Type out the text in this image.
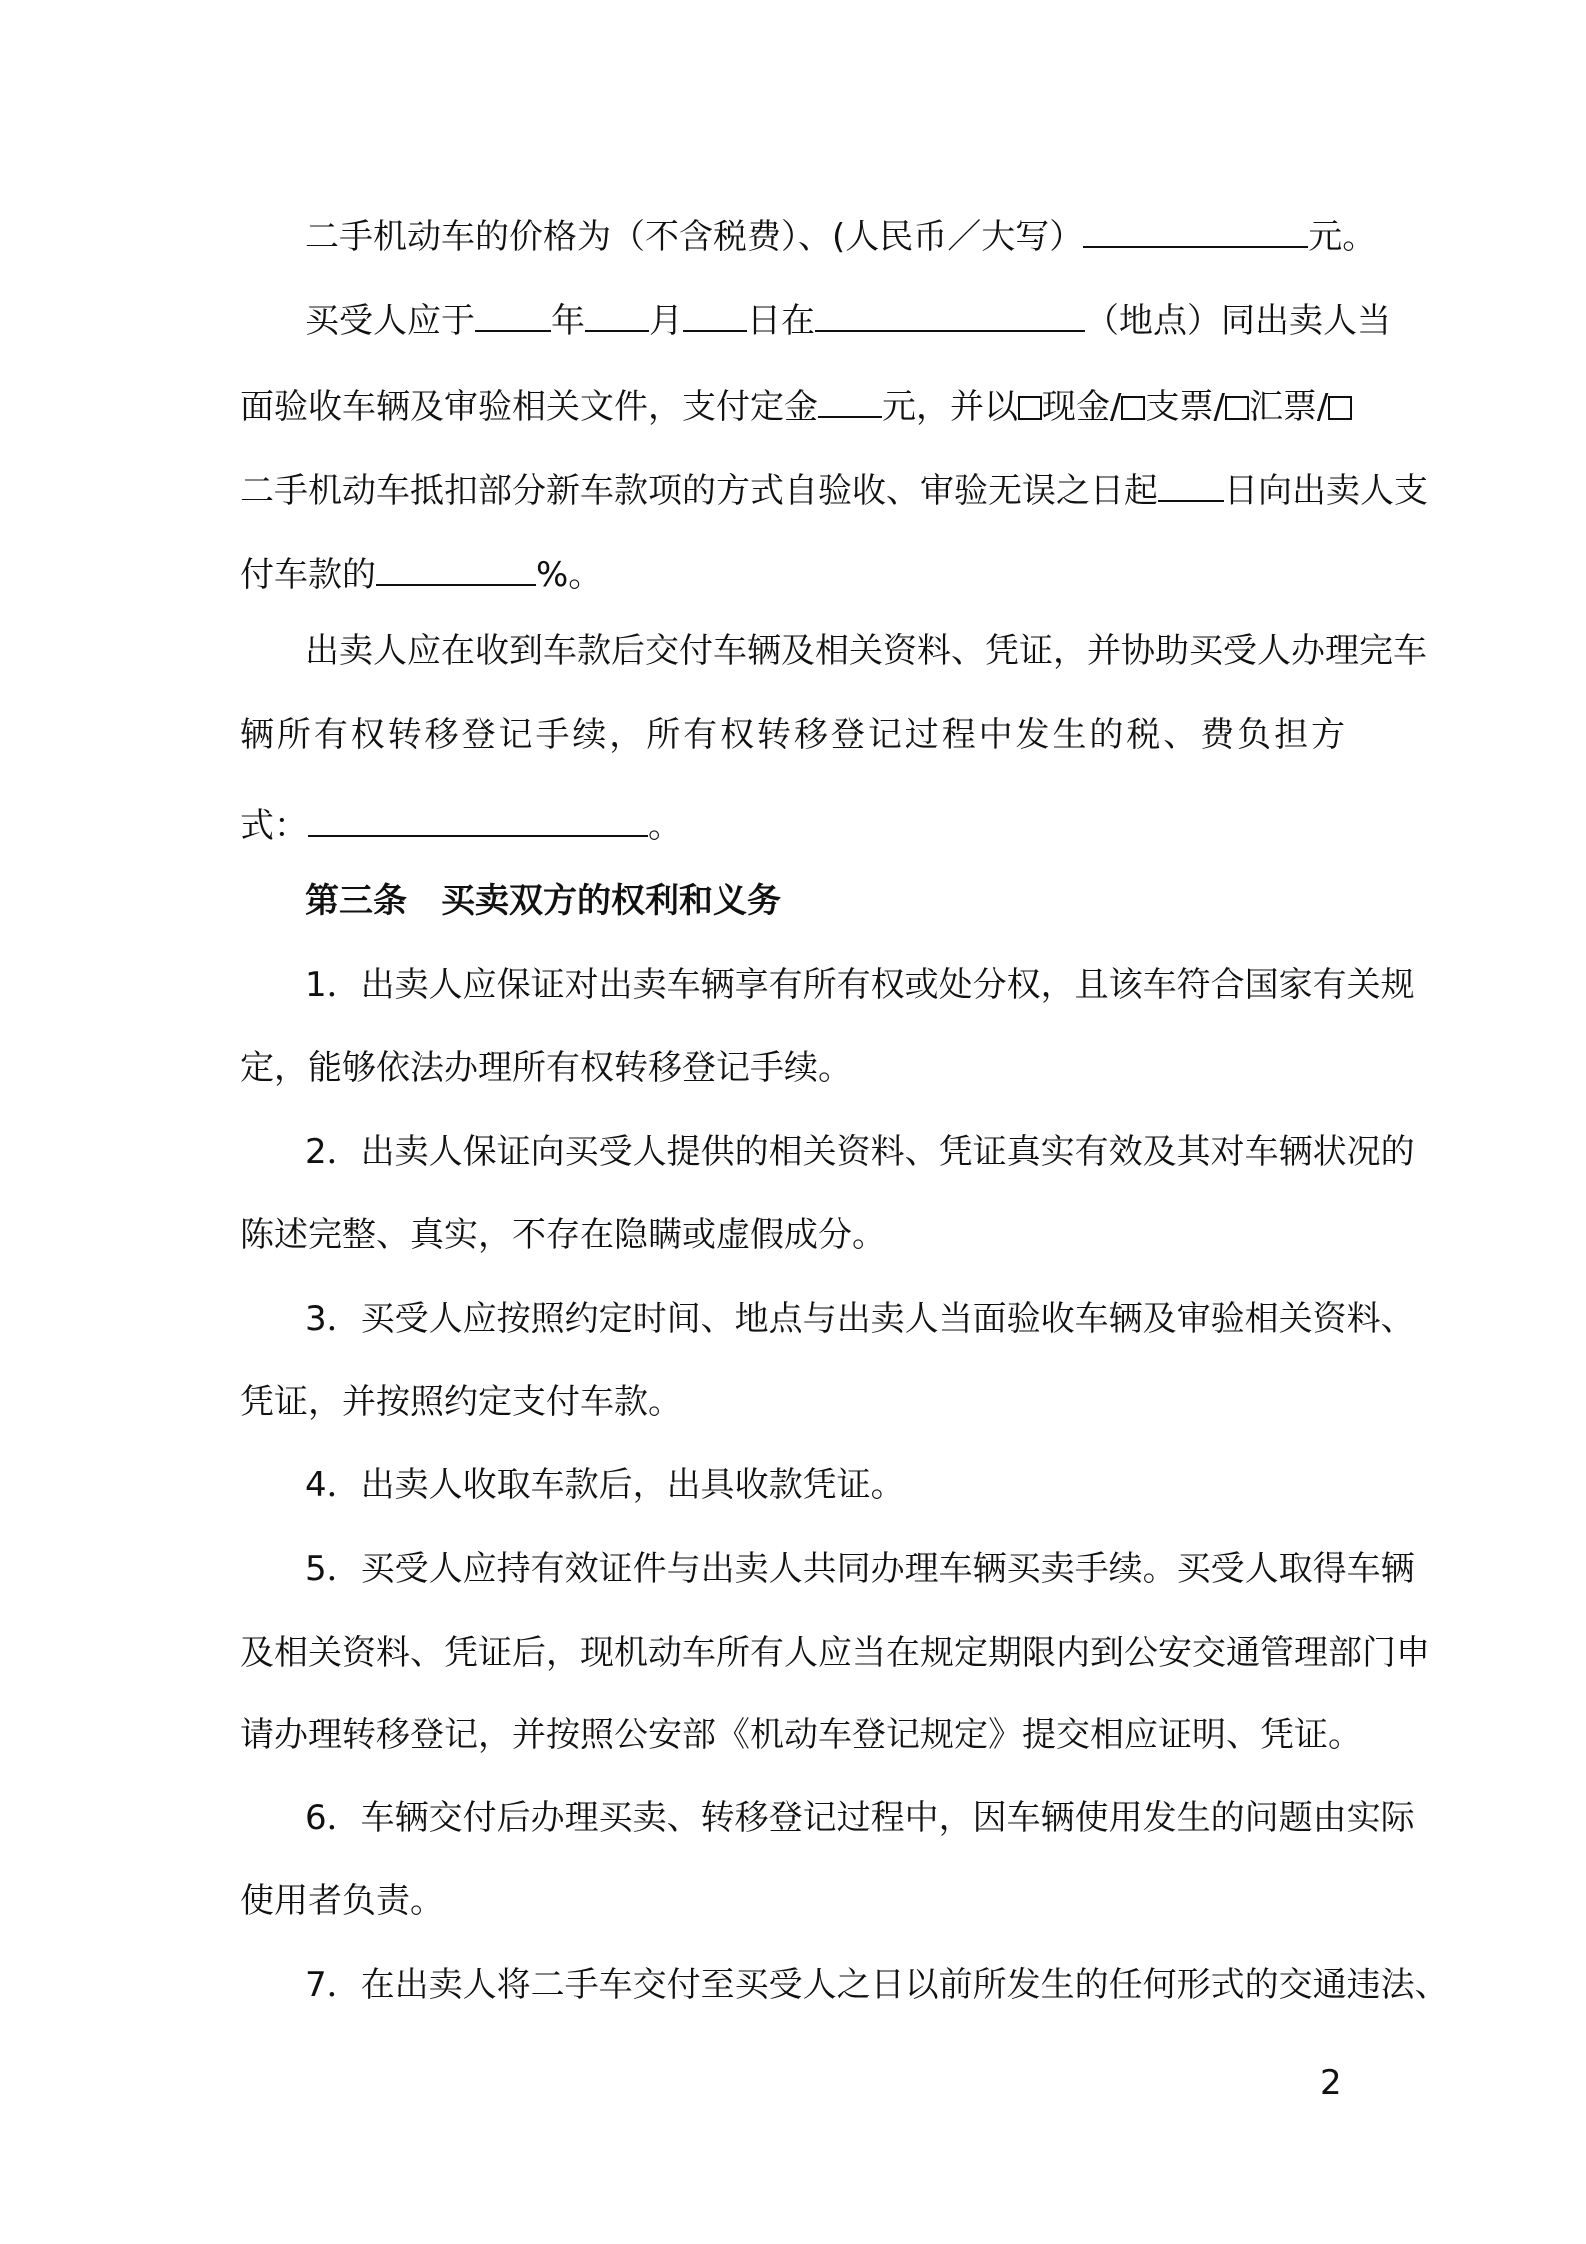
二手机动车的价格为（不含税费）、(人民币／大写）	元。
买受人应于 年 月 日在	（地点）同出卖人当
面验收车辆及审验相关文件，支付定金 元，并以 现金/ 支票/ 汇票/
二手机动车抵扣部分新车款项的方式自验收、审验无误之日起 日向出卖人支
付车款的	%。
出卖人应在收到车款后交付车辆及相关资料、凭证，并协助买受人办理完车
辆所有权转移登记手续，所有权转移登记过程中发生的税、费负担方
式：	。
第三条　买卖双方的权利和义务
1．出卖人应保证对出卖车辆享有所有权或处分权，且该车符合国家有关规
定，能够依法办理所有权转移登记手续。
2．出卖人保证向买受人提供的相关资料、凭证真实有效及其对车辆状况的
陈述完整、真实，不存在隐瞒或虚假成分。
3．买受人应按照约定时间、地点与出卖人当面验收车辆及审验相关资料、
凭证，并按照约定支付车款。
4．出卖人收取车款后，出具收款凭证。
5．买受人应持有效证件与出卖人共同办理车辆买卖手续。买受人取得车辆
及相关资料、凭证后，现机动车所有人应当在规定期限内到公安交通管理部门申
请办理转移登记，并按照公安部《机动车登记规定》提交相应证明、凭证。
6．车辆交付后办理买卖、转移登记过程中，因车辆使用发生的问题由实际
使用者负责。
7．在出卖人将二手车交付至买受人之日以前所发生的任何形式的交通违法、
2
